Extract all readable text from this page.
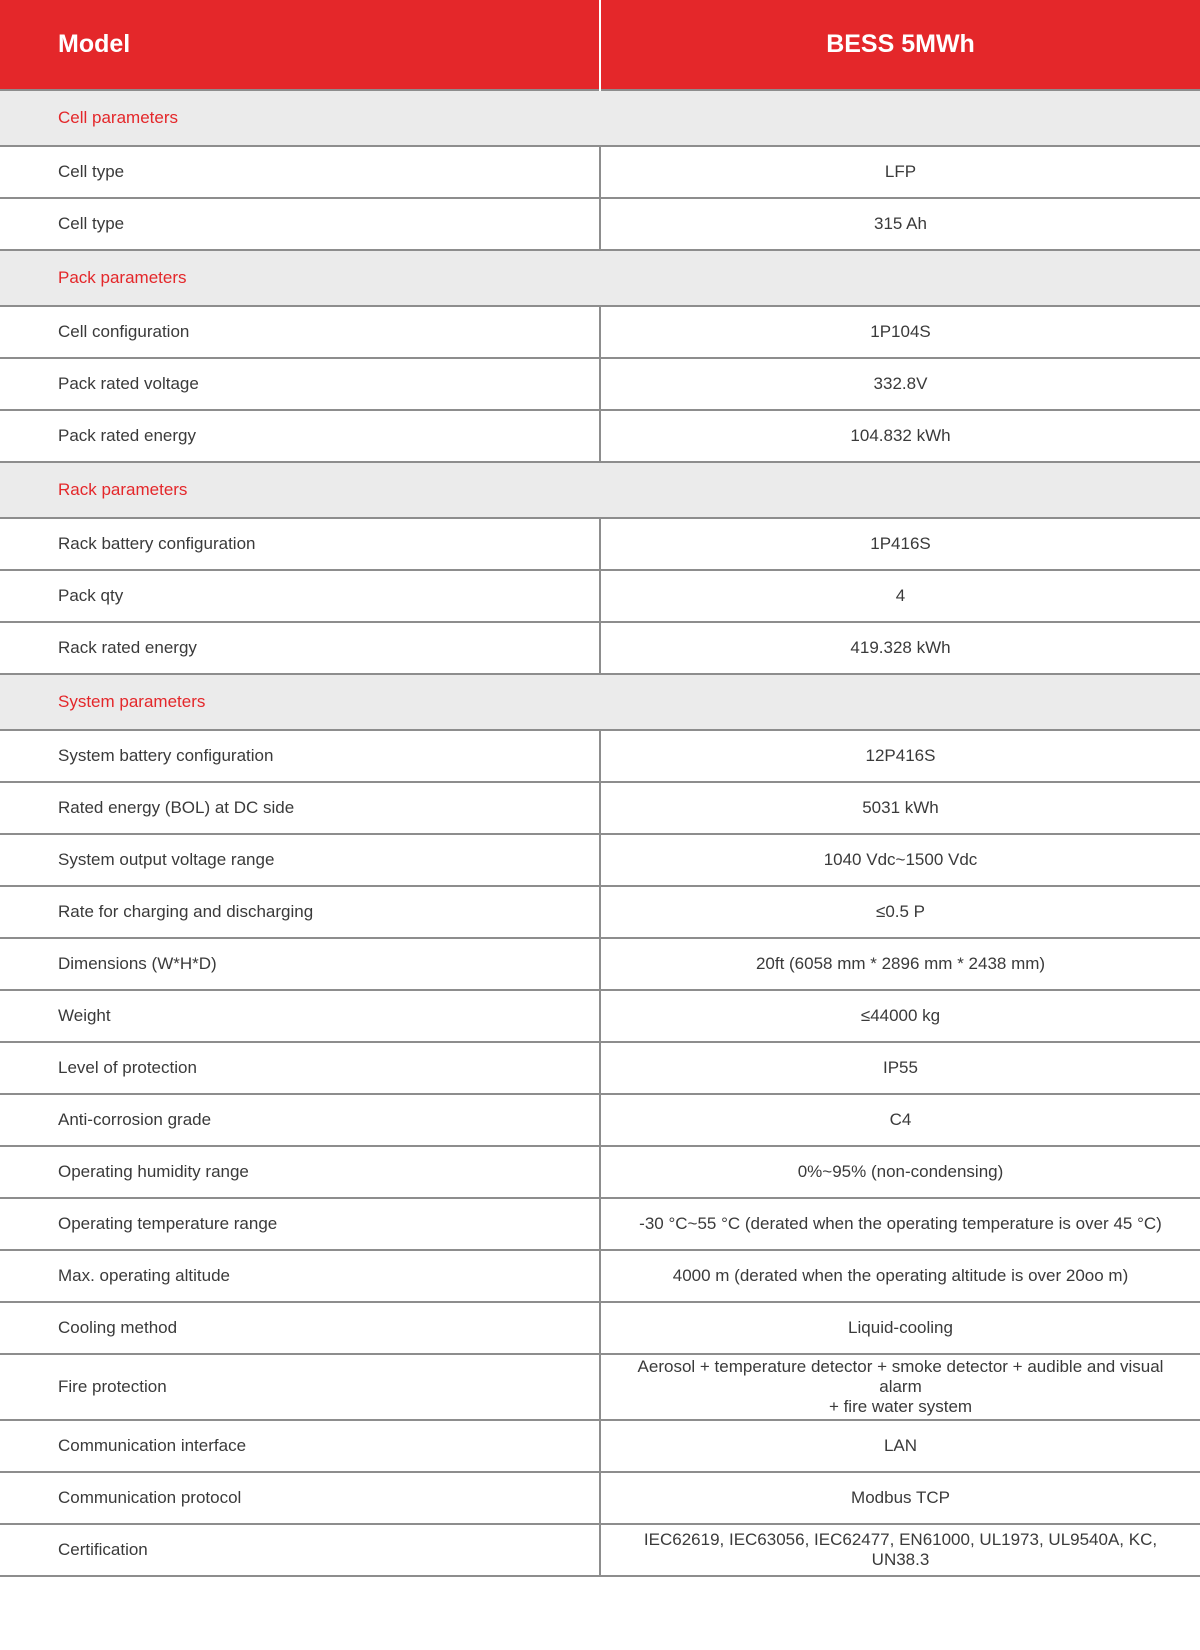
Model	BESS 5MWh
Cell parameters	
Cell type	LFP
Cell type	315 Ah
Pack parameters	
Cell configuration	1P104S
Pack rated voltage	332.8V
Pack rated energy	104.832 kWh
Rack parameters	
Rack battery configuration	1P416S
Pack qty	4
Rack rated energy	419.328 kWh
System parameters	
System battery configuration	12P416S
Rated energy (BOL) at DC side	5031 kWh
System output voltage range	1040 Vdc~1500 Vdc
Rate for charging and discharging	≤0.5 P
Dimensions (W*H*D)	20ft (6058 mm * 2896 mm * 2438 mm)
Weight	≤44000 kg
Level of protection	IP55
Anti-corrosion grade	C4
Operating humidity range	0%~95% (non-condensing)
Operating temperature range	-30 °C~55 °C (derated when the operating temperature is over 45 °C)
Max. operating altitude	4000 m (derated when the operating altitude is over 20oo m)
Cooling method	Liquid-cooling
Fire protection	Aerosol + temperature detector + smoke detector + audible and visual alarm
+ fire water system

Communication interface	LAN
Communication protocol	Modbus TCP
Certification	IEC62619, IEC63056, IEC62477, EN61000, UL1973, UL9540A, KC, UN38.3
